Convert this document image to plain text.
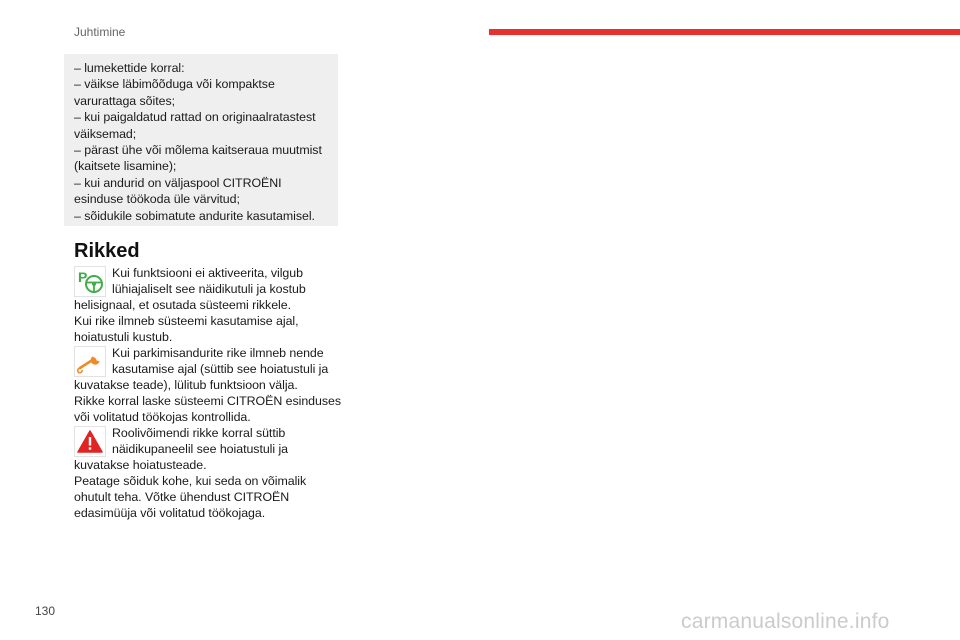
Juhtimine
– lumekettide korral:
– väikse läbimõõduga või kompaktse
varurattaga sõites;
– kui paigaldatud rattad on originaalratastest
väiksemad;
– pärast ühe või mõlema kaitseraua muutmist
(kaitsete lisamine);
– kui andurid on väljaspool CITROËNI
esinduse töökoda üle värvitud;
– sõidukile sobimatute andurite kasutamisel.
Rikked
P Kui funktsiooni ei aktiveerita, vilgub
lühiajaliselt see näidikutuli ja kostub
helisignaal, et osutada süsteemi rikkele.
Kui rike ilmneb süsteemi kasutamise ajal,
hoiatustuli kustub.
Kui parkimisandurite rike ilmneb nende
kasutamise ajal (süttib see hoiatustuli ja
kuvatakse teade), lülitub funktsioon välja.
Rikke korral laske süsteemi CITROËN esinduses
või volitatud töökojas kontrollida.
Roolivõimendi rikke korral süttib
näidikupaneelil see hoiatustuli ja
kuvatakse hoiatusteade.
Peatage sõiduk kohe, kui seda on võimalik
ohutult teha. Võtke ühendust CITROËN
edasimüüja või volitatud töökojaga.
130	carmanualsonline.info
